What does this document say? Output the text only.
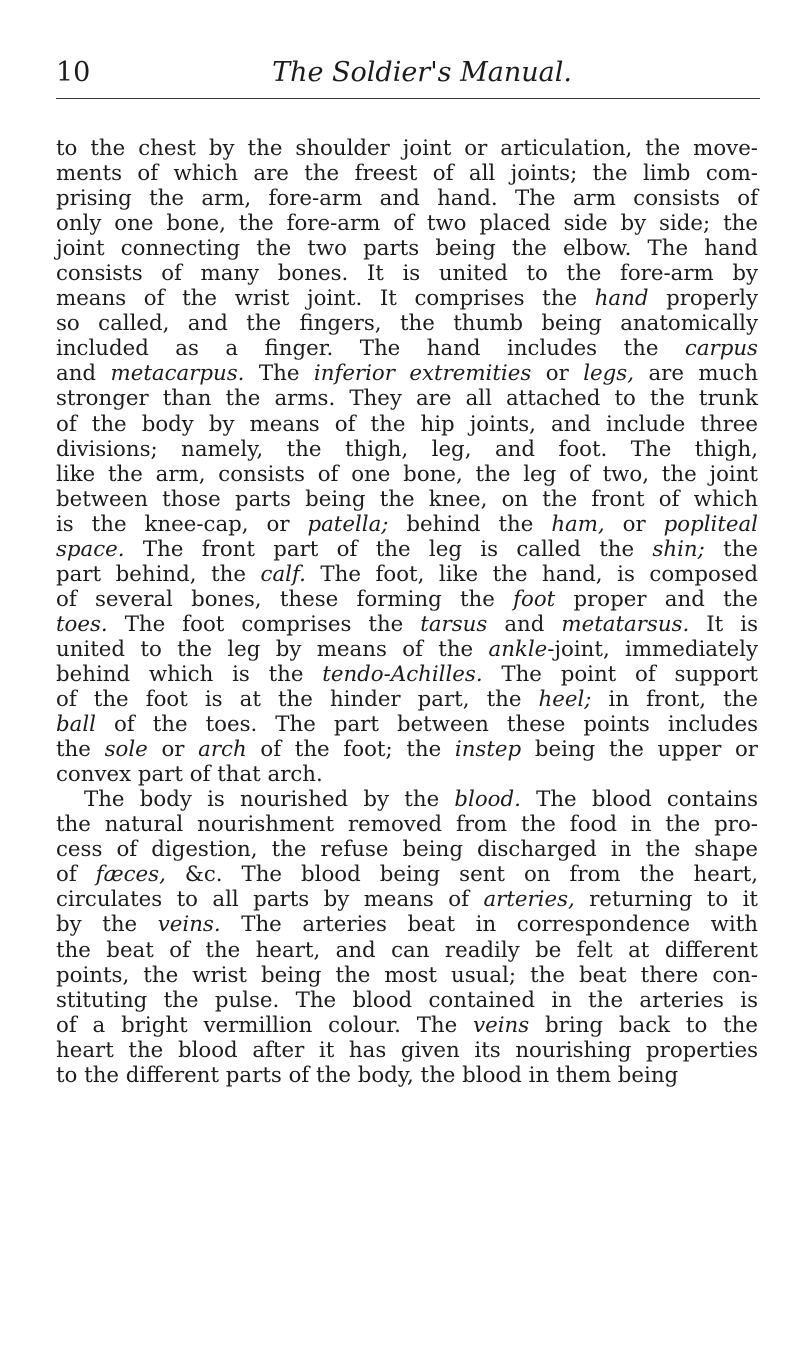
10	The Soldier's Manual.

to the chest by the shoulder joint or articulation, the move-
ments of which are the freest of all joints; the limb com-
prising the arm, fore-arm and hand. The arm consists of
only one bone, the fore-arm of two placed side by side; the
joint connecting the two parts being the elbow. The hand
consists of many bones. It is united to the fore-arm by
means of the wrist joint. It comprises the hand properly
so called, and the fingers, the thumb being anatomically
included as a finger. The hand includes the carpus
and metacarpus. The inferior extremities or legs, are much
stronger than the arms. They are all attached to the trunk
of the body by means of the hip joints, and include three
divisions; namely, the thigh, leg, and foot. The thigh,
like the arm, consists of one bone, the leg of two, the joint
between those parts being the knee, on the front of which
is the knee-cap, or patella; behind the ham, or popliteal
space. The front part of the leg is called the shin; the
part behind, the calf. The foot, like the hand, is composed
of several bones, these forming the foot proper and the
toes. The foot comprises the tarsus and metatarsus. It is
united to the leg by means of the ankle-joint, immediately
behind which is the tendo-Achilles. The point of support
of the foot is at the hinder part, the heel; in front, the
ball of the toes. The part between these points includes
the sole or arch of the foot; the instep being the upper or
convex part of that arch.

The body is nourished by the blood. The blood contains
the natural nourishment removed from the food in the pro-
cess of digestion, the refuse being discharged in the shape
of fæces, &c. The blood being sent on from the heart,
circulates to all parts by means of arteries, returning to it
by the veins. The arteries beat in correspondence with
the beat of the heart, and can readily be felt at different
points, the wrist being the most usual; the beat there con-
stituting the pulse. The blood contained in the arteries is
of a bright vermillion colour. The veins bring back to the
heart the blood after it has given its nourishing properties
to the different parts of the body, the blood in them being
